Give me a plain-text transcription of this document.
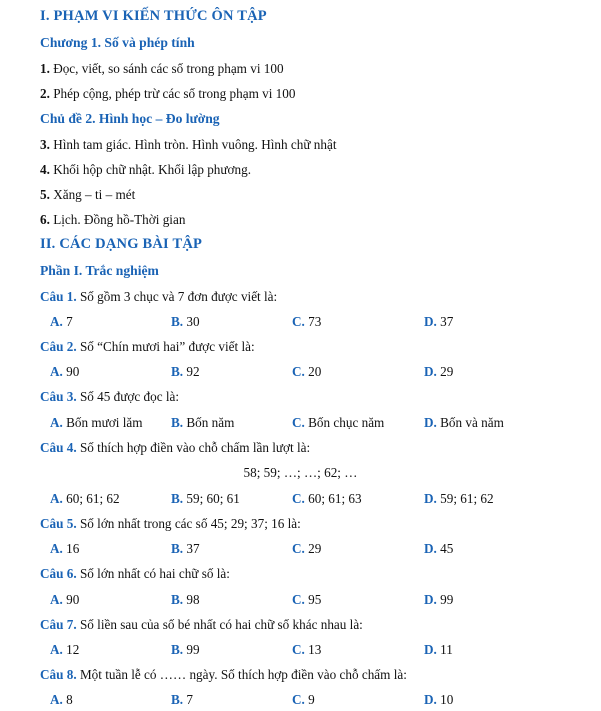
I. PHẠM VI KIẾN THỨC ÔN TẬP
Chương 1. Số và phép tính
1. Đọc, viết, so sánh các số trong phạm vi 100
2. Phép cộng, phép trừ các số trong phạm vi 100
Chủ đề 2. Hình học – Đo lường
3. Hình tam giác. Hình tròn. Hình vuông. Hình chữ nhật
4. Khối hộp chữ nhật. Khối lập phương.
5. Xăng – ti – mét
6. Lịch. Đồng hồ-Thời gian
II. CÁC DẠNG BÀI TẬP
Phần I. Trắc nghiệm
Câu 1. Số gồm 3 chục và 7 đơn được viết là:
A. 7	B. 30	C. 73	D. 37
Câu 2. Số “Chín mươi hai” được viết là:
A. 90	B. 92	C. 20	D. 29
Câu 3. Số 45 được đọc là:
A. Bốn mươi lăm B. Bốn năm	C. Bốn chục năm	D. Bốn và năm
Câu 4. Số thích hợp điền vào chỗ chấm lần lượt là:
58; 59; …; …; 62; …
A. 60; 61; 62	B. 59; 60; 61	C. 60; 61; 63	D. 59; 61; 62
Câu 5. Số lớn nhất trong các số 45; 29; 37; 16 là:
A. 16	B. 37	C. 29	D. 45
Câu 6. Số lớn nhất có hai chữ số là:
A. 90	B. 98	C. 95	D. 99
Câu 7. Số liền sau của số bé nhất có hai chữ số khác nhau là:
A. 12	B. 99	C. 13	D. 11
Câu 8. Một tuần lễ có …… ngày. Số thích hợp điền vào chỗ chấm là:
A. 8	B. 7	C. 9	D. 10
